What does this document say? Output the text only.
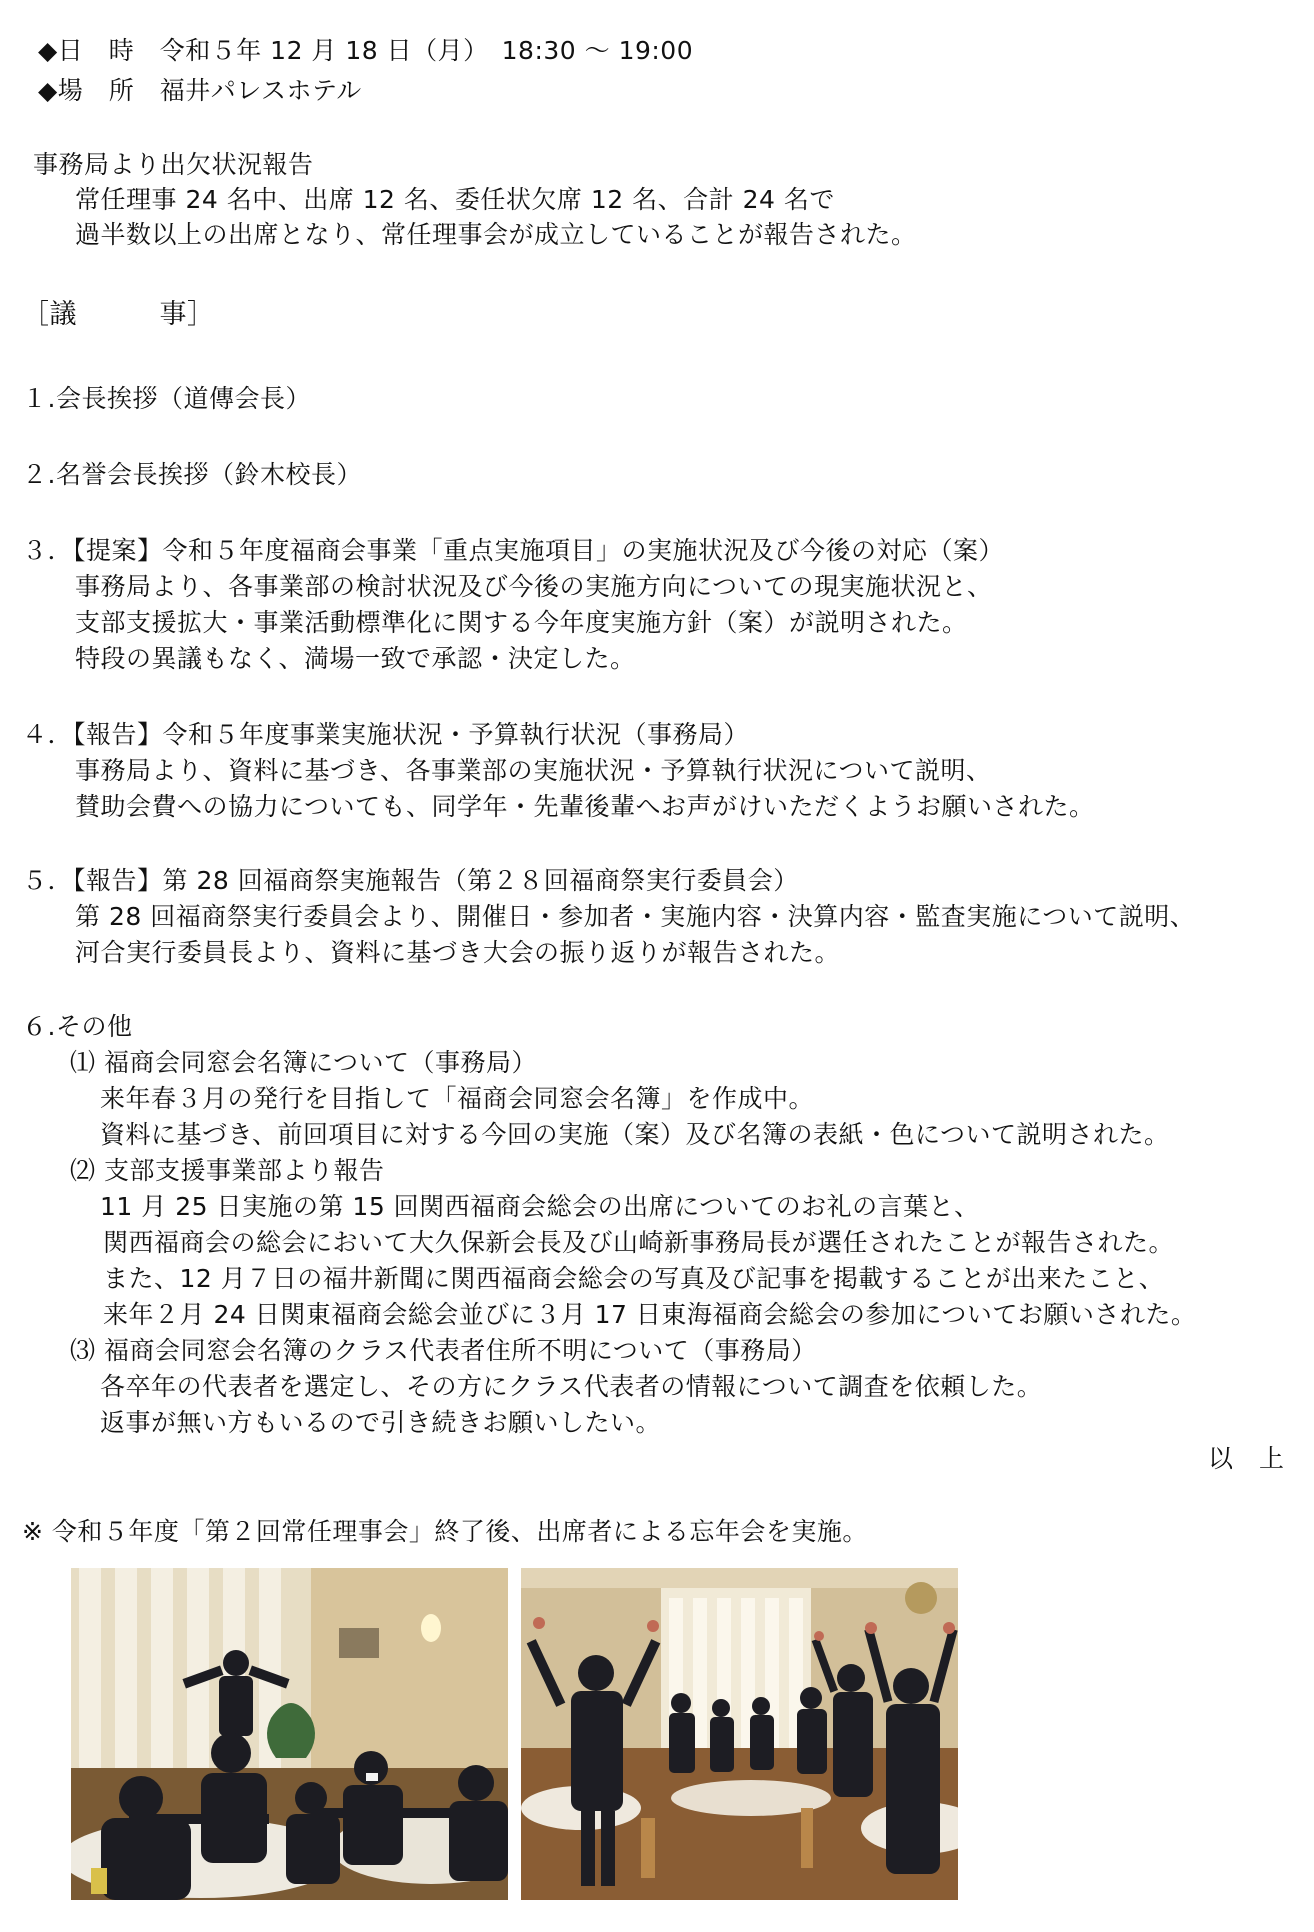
◆日　時　令和５年 12 月 18 日（月）　18:30 ～ 19:00
◆場　所　福井パレスホテル
事務局より出欠状況報告
常任理事 24 名中、出席 12 名、委任状欠席 12 名、合計 24 名で
過半数以上の出席となり、常任理事会が成立していることが報告された。
［議　　　事］
１.会長挨拶（道傳会長）
２.名誉会長挨拶（鈴木校長）
３．【提案】令和５年度福商会事業「重点実施項目」の実施状況及び今後の対応（案）
事務局より、各事業部の検討状況及び今後の実施方向についての現実施状況と、
支部支援拡大・事業活動標準化に関する今年度実施方針（案）が説明された。
特段の異議もなく、満場一致で承認・決定した。
４．【報告】令和５年度事業実施状況・予算執行状況（事務局）
事務局より、資料に基づき、各事業部の実施状況・予算執行状況について説明、
賛助会費への協力についても、同学年・先輩後輩へお声がけいただくようお願いされた。
５．【報告】第 28 回福商祭実施報告（第２８回福商祭実行委員会）
第 28 回福商祭実行委員会より、開催日・参加者・実施内容・決算内容・監査実施について説明、
河合実行委員長より、資料に基づき大会の振り返りが報告された。
６.その他
⑴ 福商会同窓会名簿について（事務局）
来年春３月の発行を目指して「福商会同窓会名簿」を作成中。
資料に基づき、前回項目に対する今回の実施（案）及び名簿の表紙・色について説明された。
⑵ 支部支援事業部より報告
11 月 25 日実施の第 15 回関西福商会総会の出席についてのお礼の言葉と、
関西福商会の総会において大久保新会長及び山崎新事務局長が選任されたことが報告された。
また、12 月７日の福井新聞に関西福商会総会の写真及び記事を掲載することが出来たこと、
来年２月 24 日関東福商会総会並びに３月 17 日東海福商会総会の参加についてお願いされた。
⑶ 福商会同窓会名簿のクラス代表者住所不明について（事務局）
各卒年の代表者を選定し、その方にクラス代表者の情報について調査を依頼した。
返事が無い方もいるので引き続きお願いしたい。
以　上
※ 令和５年度「第２回常任理事会」終了後、出席者による忘年会を実施。
